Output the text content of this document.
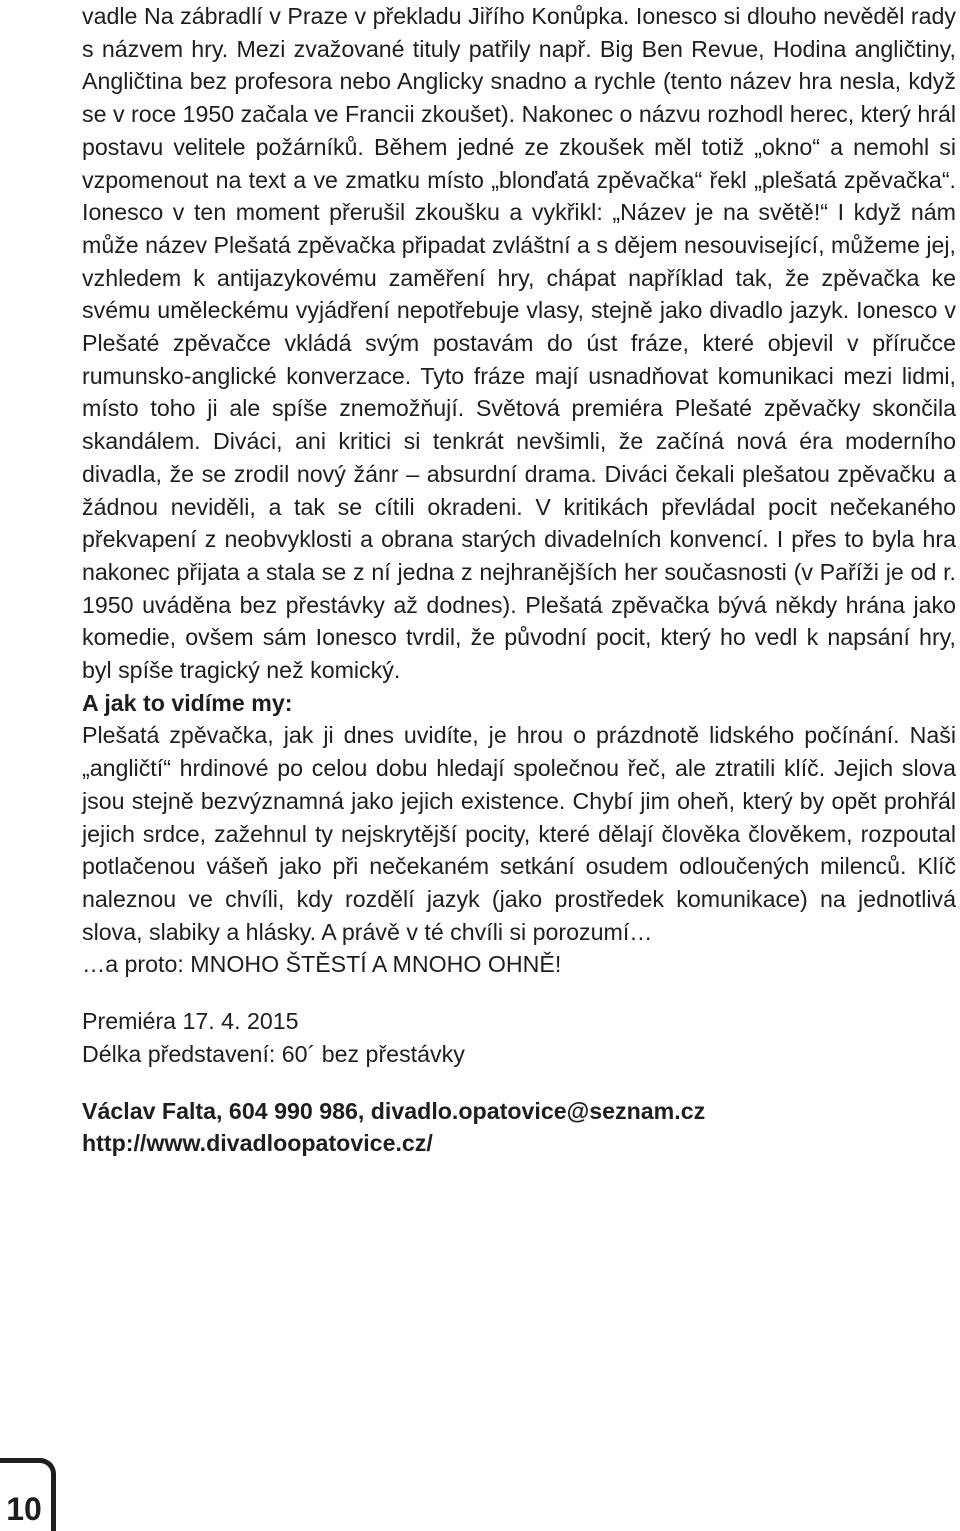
vadle Na zábradlí v Praze v překladu Jiřího Konůpka. Ionesco si dlouho nevěděl rady s názvem hry. Mezi zvažované tituly patřily např. Big Ben Revue, Hodina angličtiny, Angličtina bez profesora nebo Anglicky snadno a rychle (tento název hra nesla, když se v roce 1950 začala ve Francii zkoušet). Nakonec o názvu rozhodl herec, který hrál postavu velitele požárníků. Během jedné ze zkoušek měl totiž „okno“ a nemohl si vzpomenout na text a ve zmatku místo „blonďatá zpěvačka“ řekl „plešatá zpěvačka“. Ionesco v ten moment přerušil zkoušku a vykřikl: „Název je na světě!“ I když nám může název Plešatá zpěvačka připadat zvláštní a s dějem nesouvisející, můžeme jej, vzhledem k antijazykovému zaměření hry, chápat například tak, že zpěvačka ke svému uměleckému vyjádření nepotřebuje vlasy, stejně jako divadlo jazyk. Ionesco v Plešaté zpěvačce vkládá svým postavám do úst fráze, které objevil v příručce rumunsko-anglické konverzace. Tyto fráze mají usnadňovat komunikaci mezi lidmi, místo toho ji ale spíše znemožňují. Světová premiéra Plešaté zpěvačky skončila skandálem. Diváci, ani kritici si tenkrát nevšimli, že začíná nová éra moderního divadla, že se zrodil nový žánr – absurdní drama. Diváci čekali plešatou zpěvačku a žádnou neviděli, a tak se cítili okradeni. V kritikách převládal pocit nečekaného překvapení z neobvyklosti a obrana starých divadelních konvencí. I přes to byla hra nakonec přijata a stala se z ní jedna z nejhranějších her současnosti (v Paříži je od r. 1950 uváděna bez přestávky až dodnes). Plešatá zpěvačka bývá někdy hrána jako komedie, ovšem sám Ionesco tvrdil, že původní pocit, který ho vedl k napsání hry, byl spíše tragický než komický.

A jak to vidíme my:

Plešatá zpěvačka, jak ji dnes uvidíte, je hrou o prázdnotě lidského počínání. Naši „angličtí“ hrdinové po celou dobu hledají společnou řeč, ale ztratili klíč. Jejich slova jsou stejně bezvýznamná jako jejich existence. Chybí jim oheň, který by opět prohřál jejich srdce, zažehnul ty nejskrytější pocity, které dělají člověka člověkem, rozpoutal potlačenou vášeň jako při nečekaném setkání osudem odloučených milenců. Klíč naleznou ve chvíli, kdy rozdělí jazyk (jako prostředek komunikace) na jednotlivá slova, slabiky a hlásky. A právě v té chvíli si porozumí…

…a proto: MNOHO ŠTĚSTÍ A MNOHO OHNĚ!

Premiéra 17. 4. 2015

Délka představení: 60´ bez přestávky

Václav Falta, 604 990 986, divadlo.opatovice@seznam.cz

http://www.divadloopatovice.cz/

10
